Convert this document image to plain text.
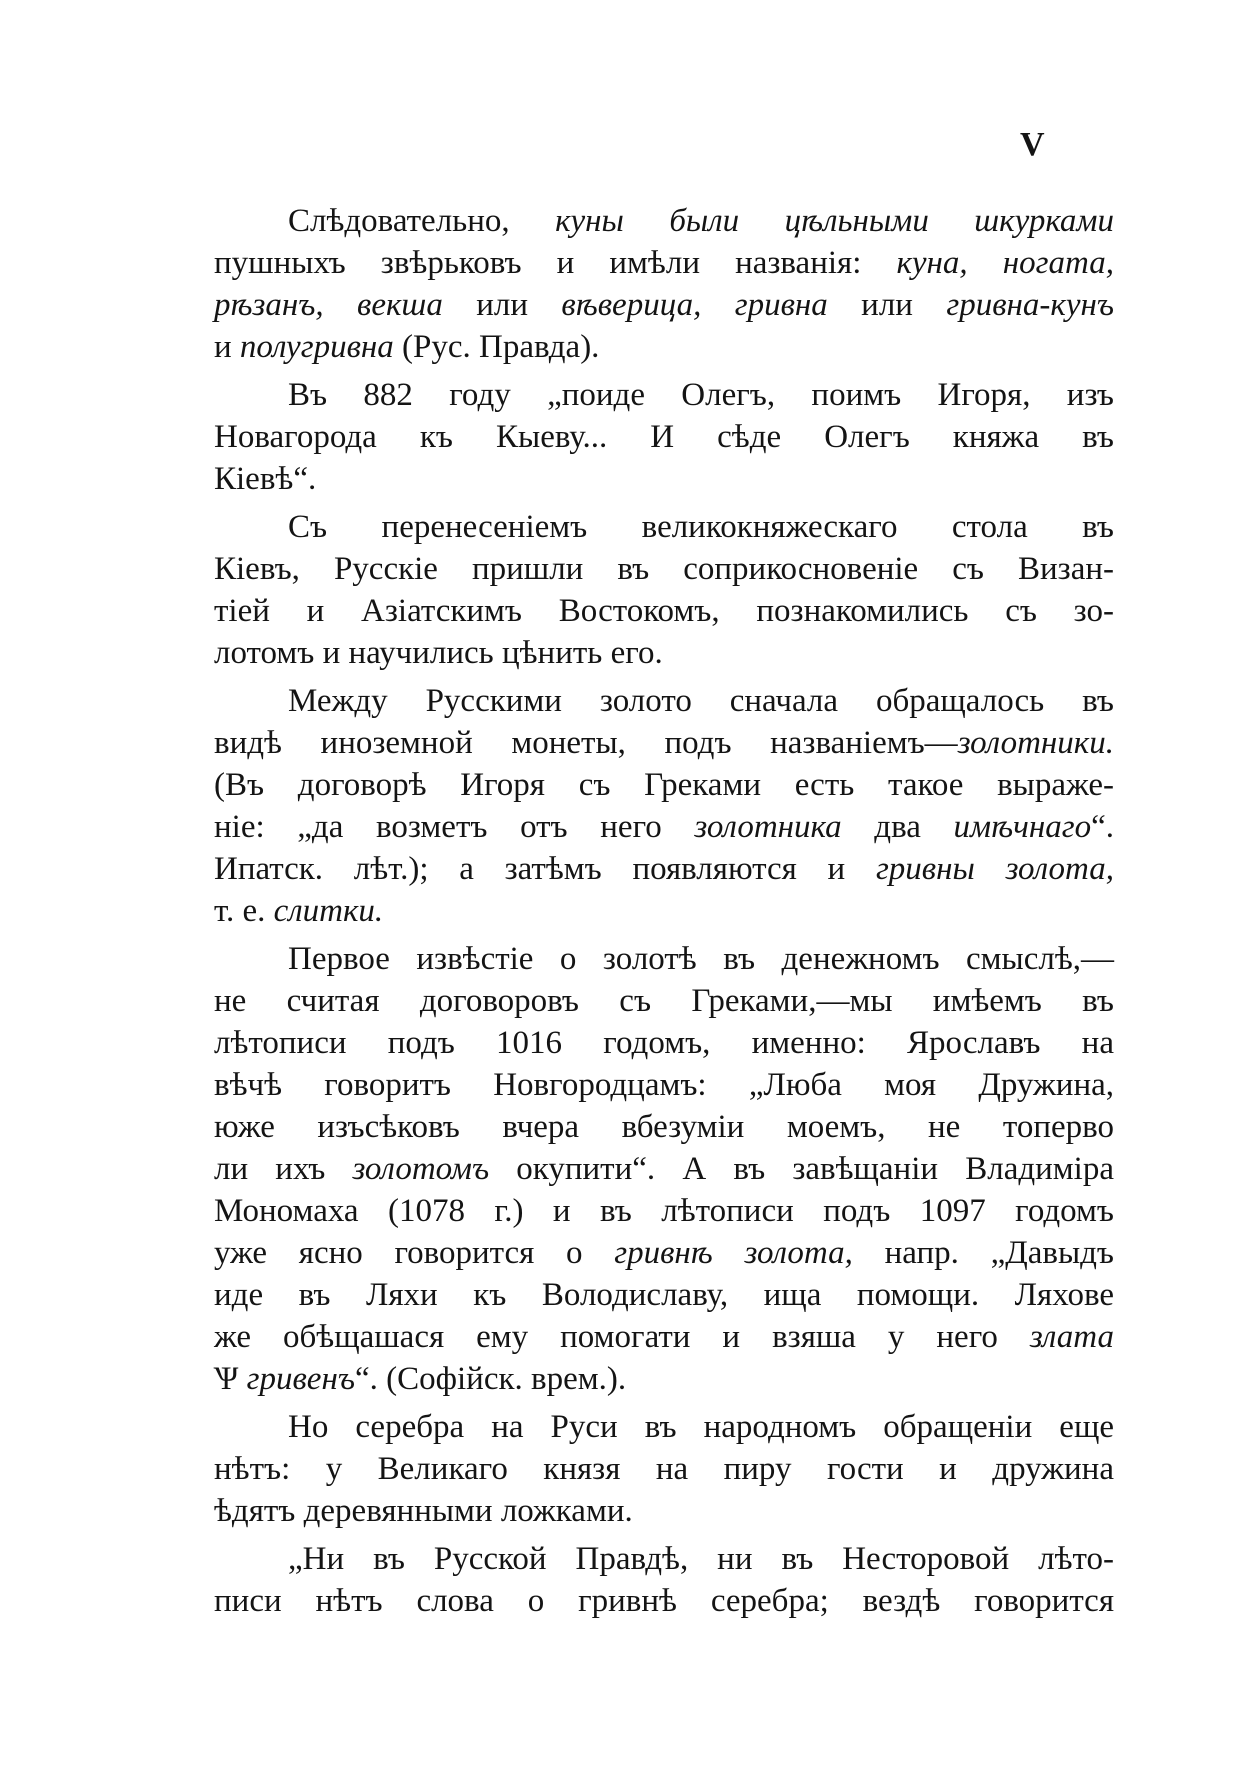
V
Слѣдовательно, куны были цѣльными шкурками
пушныхъ звѣрьковъ и имѣли названія: куна, ногата,
рѣзанъ, векша или вѣверица, гривна или гривна-кунъ
и полугривна (Рус. Правда).
Въ 882 году „поиде Олегъ, поимъ Игоря, изъ
Новагорода къ Кыеву... И сѣде Олегъ княжа въ
Кіевѣ“.
Съ перенесеніемъ великокняжескаго стола въ
Кіевъ, Русскіе пришли въ соприкосновеніе съ Визан-
тіей и Азіатскимъ Востокомъ, познакомились съ зо-
лотомъ и научились цѣнить его.
Между Русскими золото сначала обращалось въ
видѣ иноземной монеты, подъ названіемъ—золотники.
(Въ договорѣ Игоря съ Греками есть такое выраже-
ніе: „да возметъ отъ него золотника два имѣчнаго“.
Ипатск. лѣт.); а затѣмъ появляются и гривны золота,
т. е. слитки.
Первое извѣстіе о золотѣ въ денежномъ смыслѣ,—
не считая договоровъ съ Греками,—мы имѣемъ въ
лѣтописи подъ 1016 годомъ, именно: Ярославъ на
вѣчѣ говоритъ Новгородцамъ: „Люба моя Дружина,
юже изъсѣковъ вчера вбезуміи моемъ, не топерво
ли ихъ золотомъ окупити“. А въ завѣщаніи Владиміра
Мономаха (1078 г.) и въ лѣтописи подъ 1097 годомъ
уже ясно говорится о гривнѣ золота, напр. „Давыдъ
иде въ Ляхи къ Володиславу, ища помощи. Ляхове
же обѣщашася ему помогати и взяша у него злата
Ѱ гривенъ“. (Софійск. врем.).
Но серебра на Руси въ народномъ обращеніи еще
нѣтъ: у Великаго князя на пиру гости и дружина
ѣдятъ деревянными ложками.
„Ни въ Русской Правдѣ, ни въ Несторовой лѣто-
писи нѣтъ слова о гривнѣ серебра; вездѣ говорится
